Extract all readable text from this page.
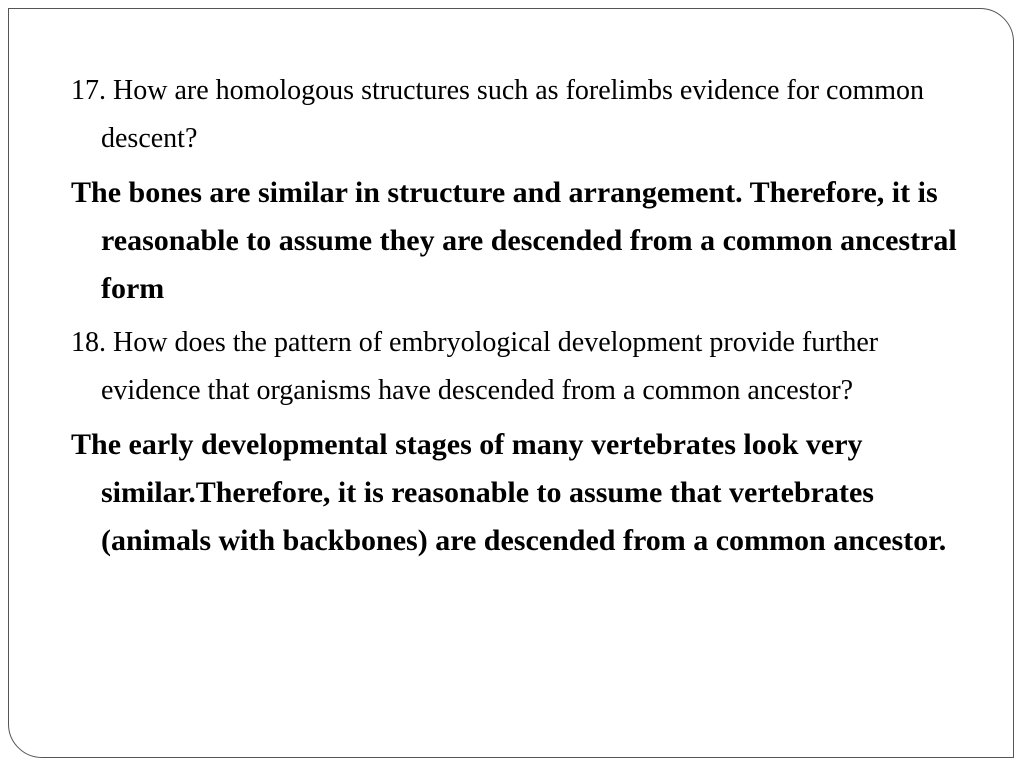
17. How are homologous structures such as forelimbs evidence for common descent?

The bones are similar in structure and arrangement. Therefore, it is reasonable to assume they are descended from a common ancestral form

18. How does the pattern of embryological development provide further evidence that organisms have descended from a common ancestor?

The early developmental stages of many vertebrates look very similar.Therefore, it is reasonable to assume that vertebrates (animals with backbones) are descended from a common ancestor.
